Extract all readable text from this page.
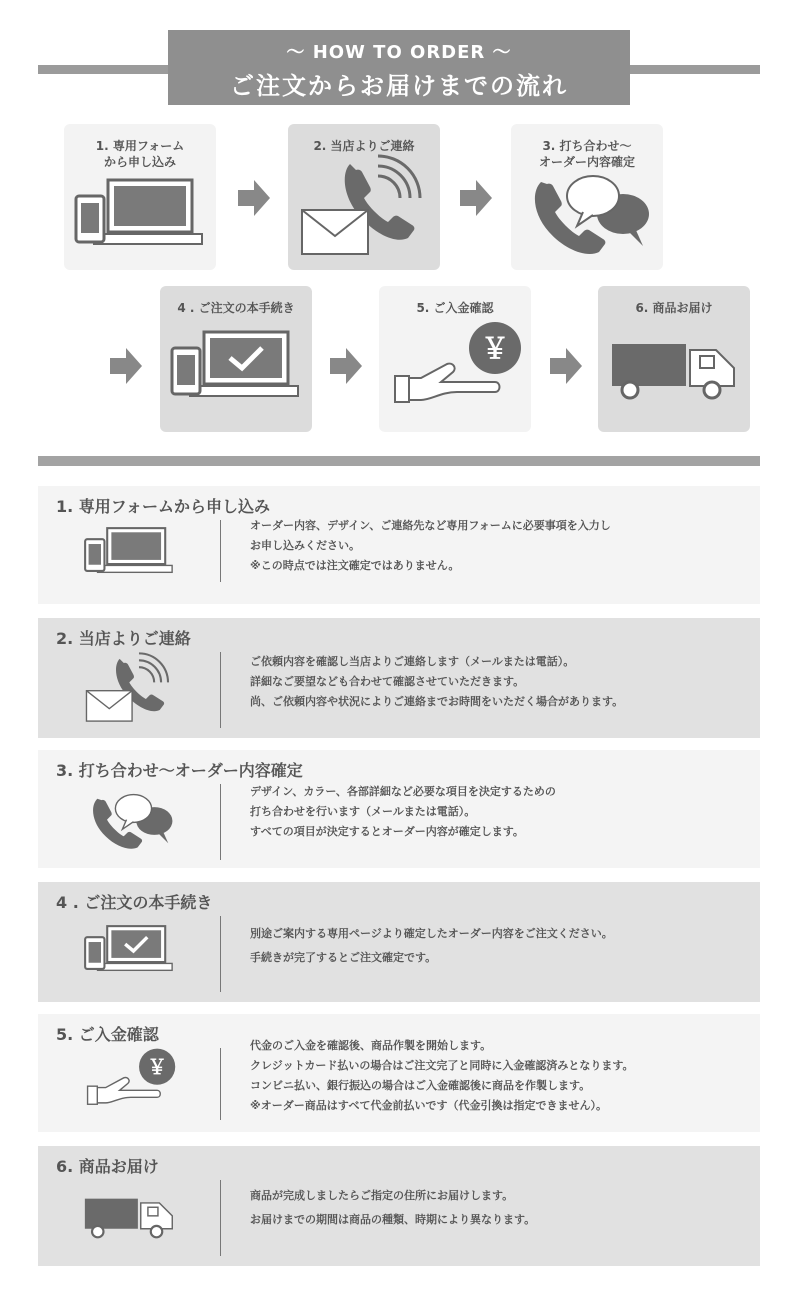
～ HOW TO ORDER ～
ご注文からお届けまでの流れ
1. 専用フォーム
から申し込み
2. 当店よりご連絡	3. 打ち合わせ～
オーダー内容確定
4 . ご注文の本手続き	5. ご入金確認
￥
6. 商品お届け
1. 専用フォームから申し込み
オーダー内容、デザイン、ご連絡先など専用フォームに必要事項を入力し
お申し込みください。
※この時点では注文確定ではありません。
2. 当店よりご連絡
ご依頼内容を確認し当店よりご連絡します（メールまたは電話）。
詳細なご要望なども合わせて確認させていただきます。
尚、ご依頼内容や状況によりご連絡までお時間をいただく場合があります。
3. 打ち合わせ～オーダー内容確定
デザイン、カラー、各部詳細など必要な項目を決定するための
打ち合わせを行います（メールまたは電話）。
すべての項目が決定するとオーダー内容が確定します。
4 . ご注文の本手続き
別途ご案内する専用ページより確定したオーダー内容をご注文ください。
手続きが完了するとご注文確定です。
5. ご入金確認
￥
代金のご入金を確認後、商品作製を開始します。
クレジットカード払いの場合はご注文完了と同時に入金確認済みとなります。
コンビニ払い、銀行振込の場合はご入金確認後に商品を作製します。
※オーダー商品はすべて代金前払いです（代金引換は指定できません）。
6. 商品お届け
商品が完成しましたらご指定の住所にお届けします。
お届けまでの期間は商品の種類、時期により異なります。
